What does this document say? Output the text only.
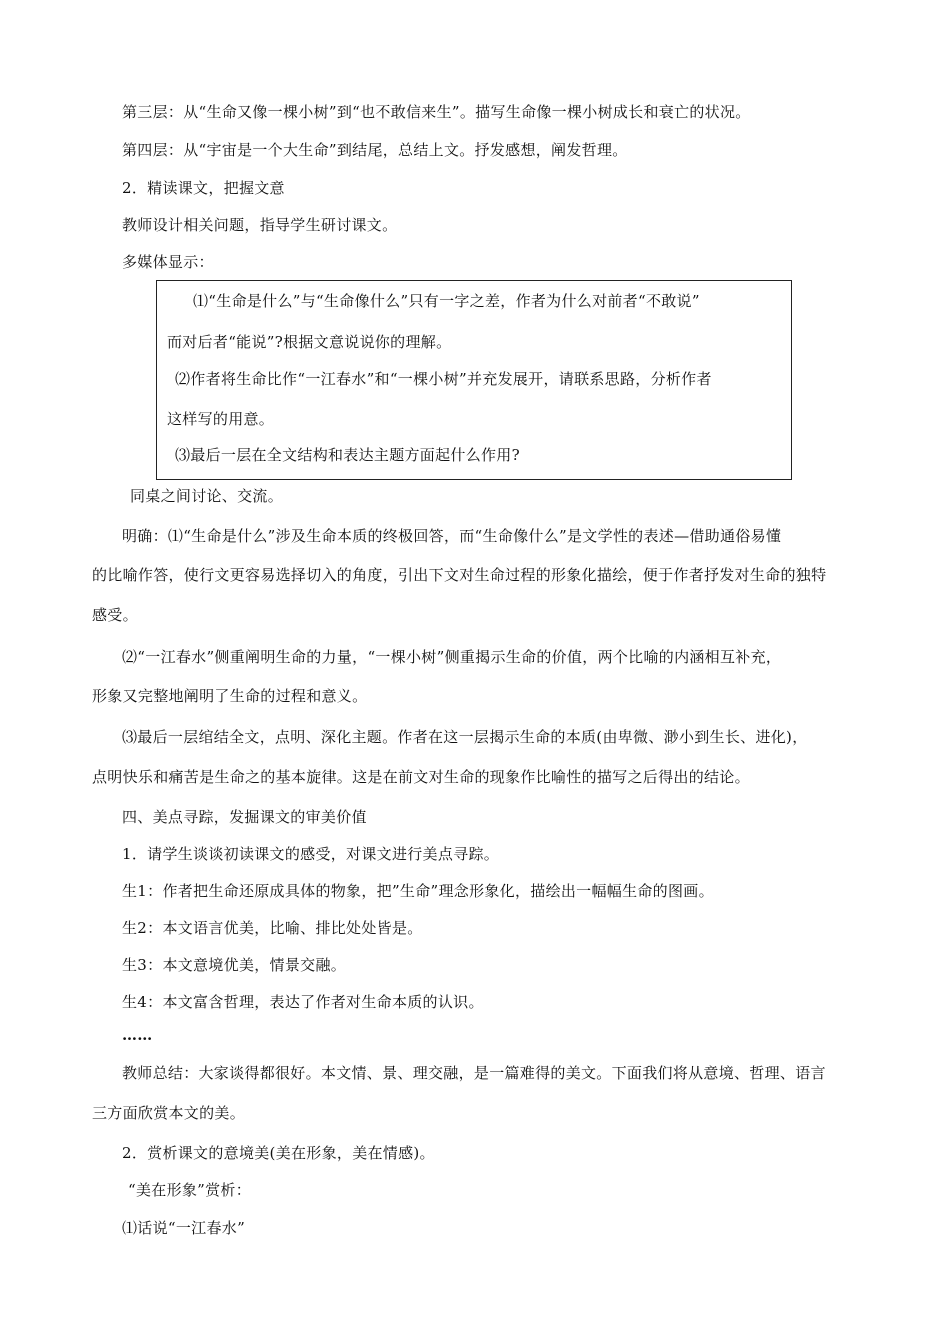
第三层：从“生命又像一棵小树”到“也不敢信来生”。描写生命像一棵小树成长和衰亡的状况。
第四层：从“宇宙是一个大生命”到结尾，总结上文。抒发感想，阐发哲理。
2．精读课文，把握文意
教师设计相关问题，指导学生研讨课文。
多媒体显示：
⑴“生命是什么”与“生命像什么”只有一字之差，作者为什么对前者“不敢说”
而对后者“能说”?根据文意说说你的理解。
⑵作者将生命比作“一江春水”和“一棵小树”并充发展开，请联系思路，分析作者
这样写的用意。
⑶最后一层在全文结构和表达主题方面起什么作用?
同桌之间讨论、交流。
明确：⑴“生命是什么”涉及生命本质的终极回答，而“生命像什么”是文学性的表述—借助通俗易懂
的比喻作答，使行文更容易选择切入的角度，引出下文对生命过程的形象化描绘，便于作者抒发对生命的独特
感受。
⑵“一江春水”侧重阐明生命的力量，“一棵小树”侧重揭示生命的价值，两个比喻的内涵相互补充，
形象又完整地阐明了生命的过程和意义。
⑶最后一层绾结全文，点明、深化主题。作者在这一层揭示生命的本质(由卑微、渺小到生长、进化)，
点明快乐和痛苦是生命之的基本旋律。这是在前文对生命的现象作比喻性的描写之后得出的结论。
四、美点寻踪，发掘课文的审美价值
1．请学生谈谈初读课文的感受，对课文进行美点寻踪。
生1：作者把生命还原成具体的物象，把”生命”理念形象化，描绘出一幅幅生命的图画。
生2：本文语言优美，比喻、排比处处皆是。
生3：本文意境优美，情景交融。
生4：本文富含哲理，表达了作者对生命本质的认识。
……
教师总结：大家谈得都很好。本文情、景、理交融，是一篇难得的美文。下面我们将从意境、哲理、语言
三方面欣赏本文的美。
2．赏析课文的意境美(美在形象，美在情感)。
“美在形象”赏析：
⑴话说“一江春水”
